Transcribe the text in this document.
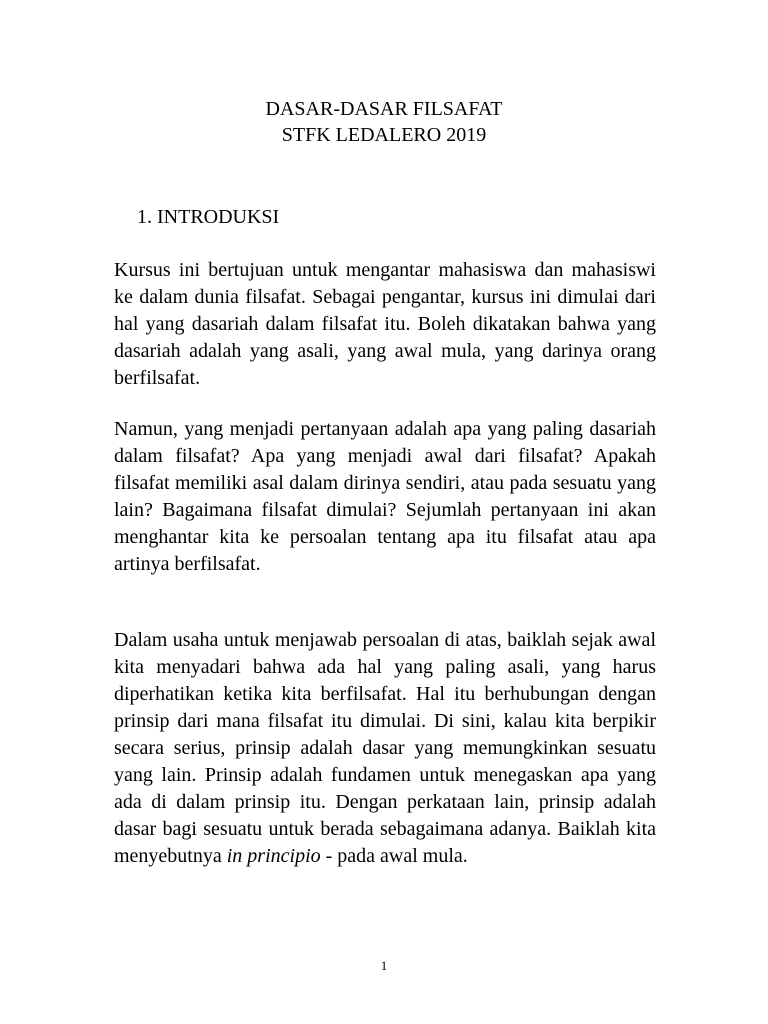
DASAR-DASAR FILSAFAT
STFK LEDALERO 2019
1. INTRODUKSI

Kursus ini bertujuan untuk mengantar mahasiswa dan mahasiswi ke dalam dunia filsafat. Sebagai pengantar, kursus ini dimulai dari hal yang dasariah dalam filsafat itu. Boleh dikatakan bahwa yang dasariah adalah yang asali, yang awal mula, yang darinya orang berfilsafat.

Namun, yang menjadi pertanyaan adalah apa yang paling dasariah dalam filsafat? Apa yang menjadi awal dari filsafat? Apakah filsafat memiliki asal dalam dirinya sendiri, atau pada sesuatu yang lain? Bagaimana filsafat dimulai? Sejumlah pertanyaan ini akan menghantar kita ke persoalan tentang apa itu filsafat atau apa artinya berfilsafat.

Dalam usaha untuk menjawab persoalan di atas, baiklah sejak awal kita menyadari bahwa ada hal yang paling asali, yang harus diperhatikan ketika kita berfilsafat. Hal itu berhubungan dengan prinsip dari mana filsafat itu dimulai. Di sini, kalau kita berpikir secara serius, prinsip adalah dasar yang memungkinkan sesuatu yang lain. Prinsip adalah fundamen untuk menegaskan apa yang ada di dalam prinsip itu. Dengan perkataan lain, prinsip adalah dasar bagi sesuatu untuk berada sebagaimana adanya. Baiklah kita menyebutnya in principio - pada awal mula.

1
